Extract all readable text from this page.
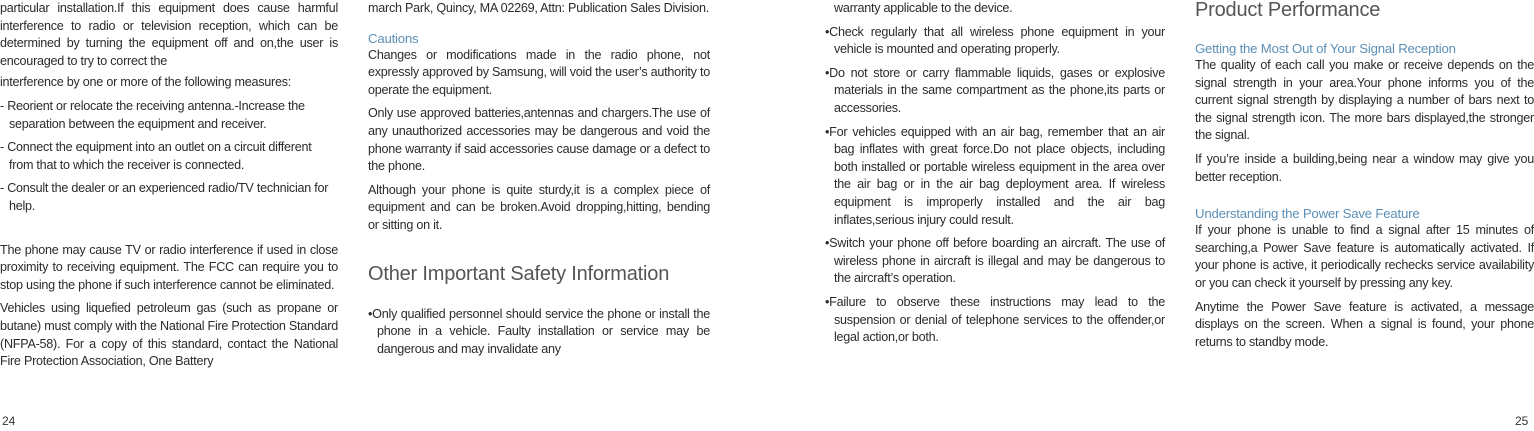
particular installation.If this equipment does cause harmful interference to radio or television reception, which can be determined by turning the equipment off and on,the user is encouraged to try to correct the

interference by one or more of the following measures:

- Reorient or relocate the receiving antenna.-Increase the separation between the equipment and receiver.

- Connect the equipment into an outlet on a circuit different from that to which the receiver is connected.

- Consult the dealer or an experienced radio/TV technician for help.

The phone may cause TV or radio interference if used in close proximity to receiving equipment. The FCC can require you to stop using the phone if such interference cannot be eliminated.

Vehicles using liquefied petroleum gas (such as propane or butane) must comply with the National Fire Protection Standard (NFPA-58). For a copy of this standard, contact the National Fire Protection Association, One Battery

march Park, Quincy, MA 02269, Attn: Publication Sales Division.

Cautions

Changes or modifications made in the radio phone, not expressly approved by Samsung, will void the user’s authority to operate the equipment.

Only use approved batteries,antennas and chargers.The use of any unauthorized accessories may be dangerous and void the phone warranty if said accessories cause damage or a defect to the phone.

Although your phone is quite sturdy,it is a complex piece of equipment and can be broken.Avoid dropping,hitting, bending or sitting on it.

Other Important Safety Information

•Only qualified personnel should service the phone or install the phone in a vehicle. Faulty installation or service may be dangerous and may invalidate any

warranty applicable to the device.

•Check regularly that all wireless phone equipment in your vehicle is mounted and operating properly.

•Do not store or carry flammable liquids, gases or explosive materials in the same compartment as the phone,its parts or accessories.

•For vehicles equipped with an air bag, remember that an air bag inflates with great force.Do not place objects, including both installed or portable wireless equipment in the area over the air bag or in the air bag deployment area. If wireless equipment is improperly installed and the air bag inflates,serious injury could result.

•Switch your phone off before boarding an aircraft. The use of wireless phone in aircraft is illegal and may be dangerous to the aircraft’s operation.

•Failure to observe these instructions may lead to the suspension or denial of telephone services to the offender,or legal action,or both.

Product Performance

Getting the Most Out of Your Signal Reception

The quality of each call you make or receive depends on the signal strength in your area.Your phone informs you of the current signal strength by displaying a number of bars next to the signal strength icon. The more bars displayed,the stronger the signal.

If you’re inside a building,being near a window may give you better reception.

Understanding the Power Save Feature

If your phone is unable to find a signal after 15 minutes of searching,a Power Save feature is automatically activated. If your phone is active, it periodically rechecks service availability or you can check it yourself by pressing any key.

Anytime the Power Save feature is activated, a message displays on the screen. When a signal is found, your phone returns to standby mode.

24	25
